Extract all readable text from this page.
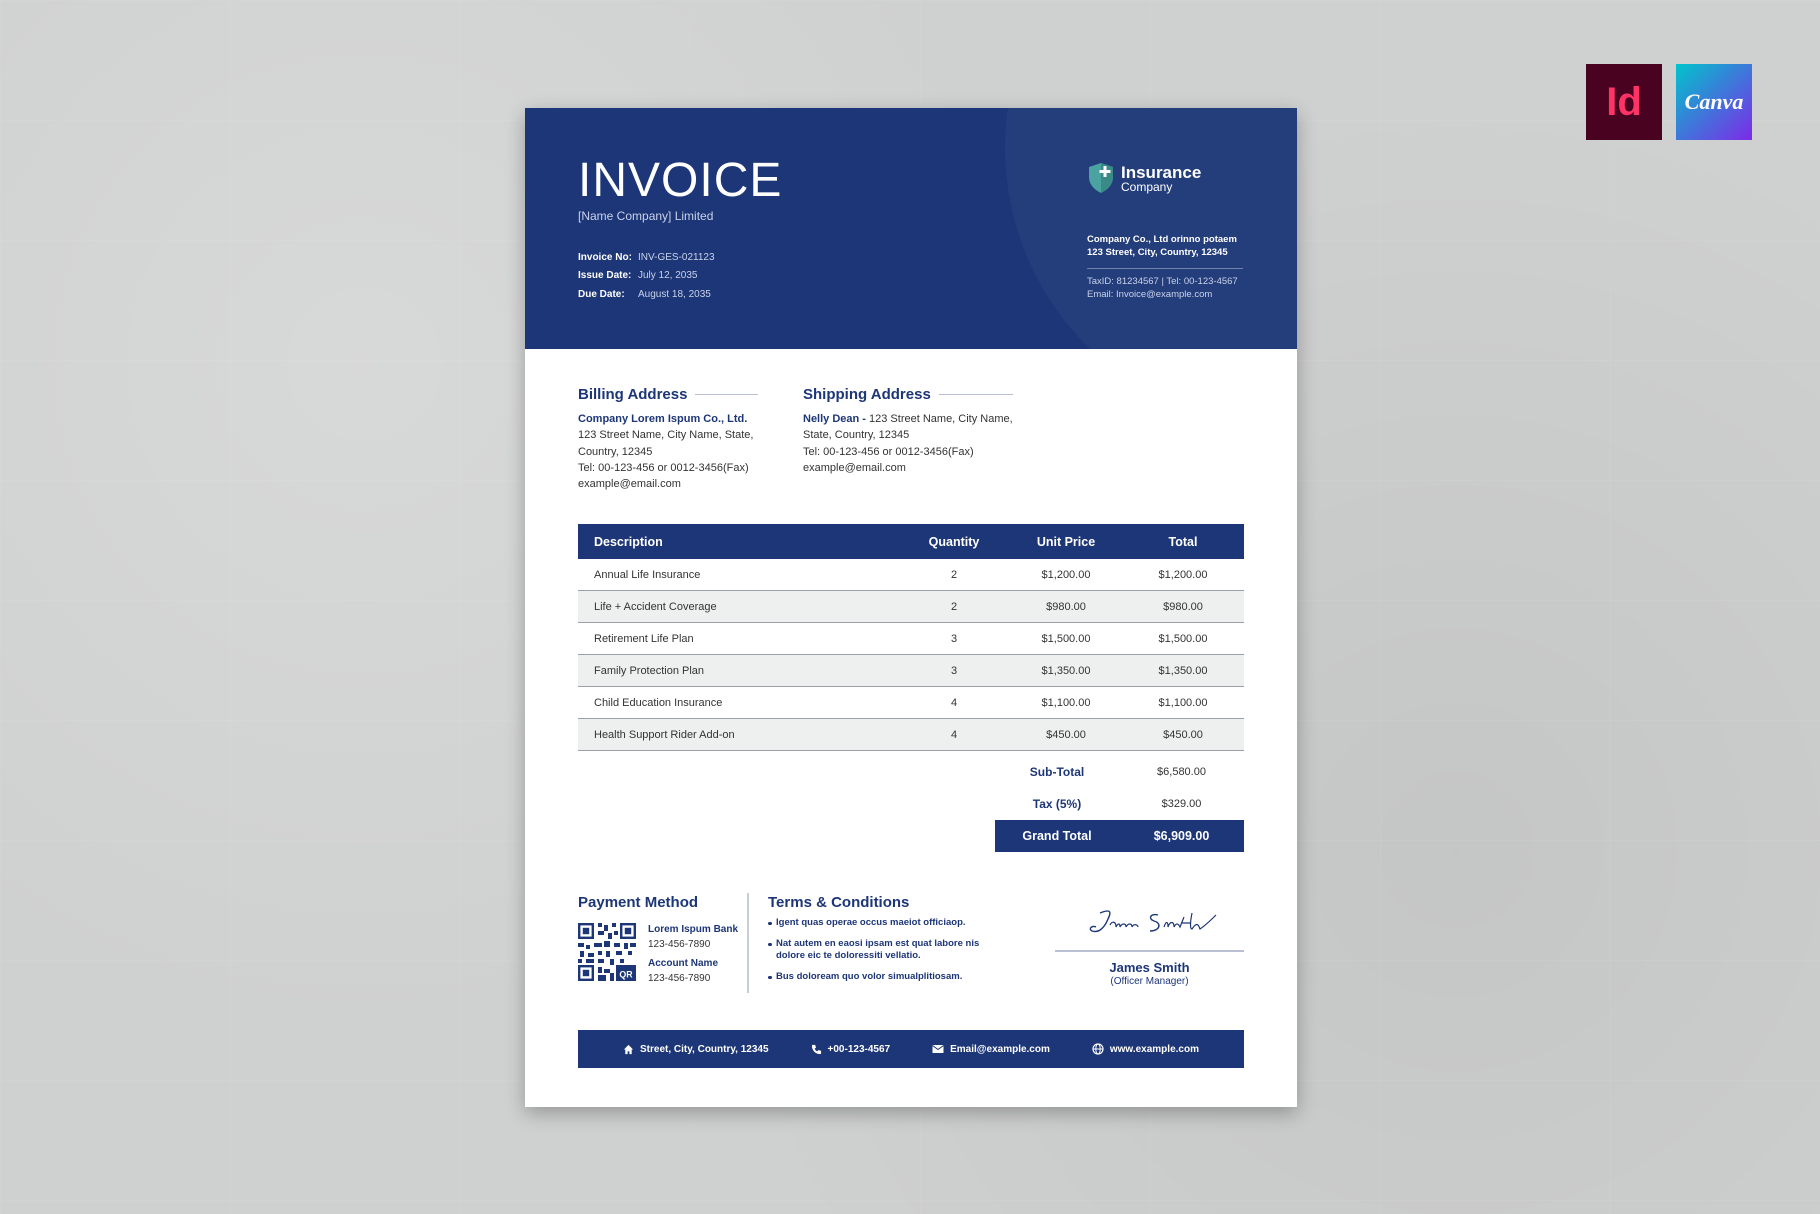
Id Canva
INVOICE
[Name Company] Limited
Invoice No: INV-GES-021123
Issue Date: July 12, 2035
Due Date:	August 18, 2035
Insurance
Company
Company Co., Ltd orinno potaem
123 Street, City, Country, 12345
TaxID: 81234567 | Tel: 00-123-4567
Email: Invoice@example.com
Billing Address
Company Lorem Ispum Co., Ltd.
123 Street Name, City Name, State,
Country, 12345
Tel: 00-123-456 or 0012-3456(Fax)
example@email.com
Shipping Address
Nelly Dean - 123 Street Name, City Name,
State, Country, 12345
Tel: 00-123-456 or 0012-3456(Fax)
example@email.com
Description	Quantity	Unit Price	Total
Annual Life Insurance	2	$1,200.00	$1,200.00
Life + Accident Coverage	2	$980.00	$980.00
Retirement Life Plan	3	$1,500.00	$1,500.00
Family Protection Plan	3	$1,350.00	$1,350.00
Child Education Insurance	4	$1,100.00	$1,100.00
Health Support Rider Add-on	4	$450.00	$450.00
Sub-Total	$6,580.00
Tax (5%)	$329.00
Grand Total	$6,909.00
Payment Method
QR
Lorem Ispum Bank
123-456-7890
Account Name
123-456-7890
Terms & Conditions
Igent quas operae occus maeiot officiaop.
Nat autem en eaosi ipsam est quat labore nis dolore eic te doloressiti vellatio.
Bus doloream quo volor simualplitiosam.
James Smith
(Officer Manager)
Street, City, Country, 12345	+00-123-4567	Email@example.com	www.example.com
